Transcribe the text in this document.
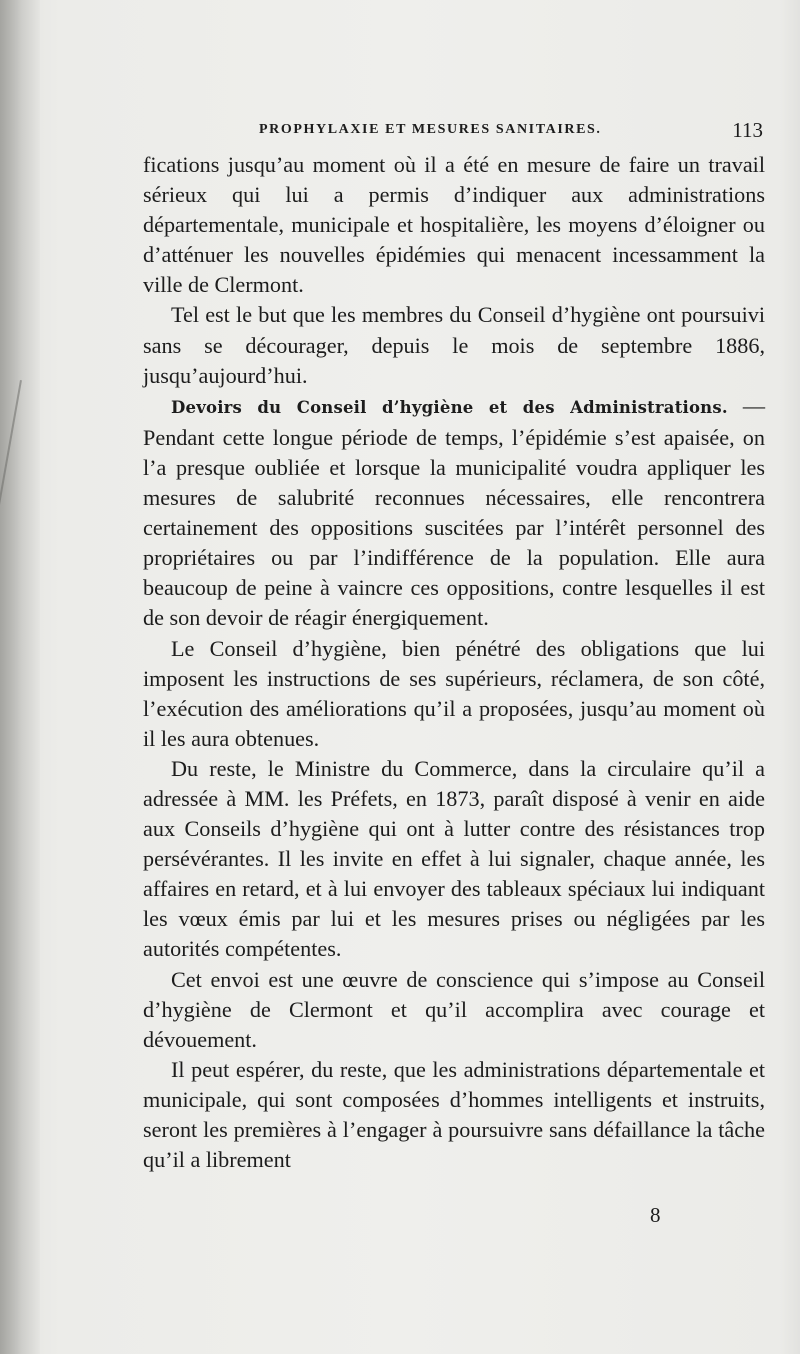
PROPHYLAXIE ET MESURES SANITAIRES.	113

fications jusqu’au moment où il a été en mesure de faire un travail sérieux qui lui a permis d’indiquer aux administrations départementale, municipale et hospitalière, les moyens d’éloigner ou d’atténuer les nouvelles épidémies qui menacent incessamment la ville de Clermont.

Tel est le but que les membres du Conseil d’hygiène ont poursuivi sans se décourager, depuis le mois de septembre 1886, jusqu’aujourd’hui.

Devoirs du Conseil d’hygiène et des Administrations. — Pendant cette longue période de temps, l’épidémie s’est apaisée, on l’a presque oubliée et lorsque la municipalité voudra appliquer les mesures de salubrité reconnues nécessaires, elle rencontrera certainement des oppositions suscitées par l’intérêt personnel des propriétaires ou par l’indifférence de la population. Elle aura beaucoup de peine à vaincre ces oppositions, contre lesquelles il est de son devoir de réagir énergiquement.

Le Conseil d’hygiène, bien pénétré des obligations que lui imposent les instructions de ses supérieurs, réclamera, de son côté, l’exécution des améliorations qu’il a proposées, jusqu’au moment où il les aura obtenues.

Du reste, le Ministre du Commerce, dans la circulaire qu’il a adressée à MM. les Préfets, en 1873, paraît disposé à venir en aide aux Conseils d’hygiène qui ont à lutter contre des résistances trop persévérantes. Il les invite en effet à lui signaler, chaque année, les affaires en retard, et à lui envoyer des tableaux spéciaux lui indiquant les vœux émis par lui et les mesures prises ou négligées par les autorités compétentes.

Cet envoi est une œuvre de conscience qui s’impose au Conseil d’hygiène de Clermont et qu’il accomplira avec courage et dévouement.

Il peut espérer, du reste, que les administrations départementale et municipale, qui sont composées d’hommes intelligents et instruits, seront les premières à l’engager à poursuivre sans défaillance la tâche qu’il a librement

8
